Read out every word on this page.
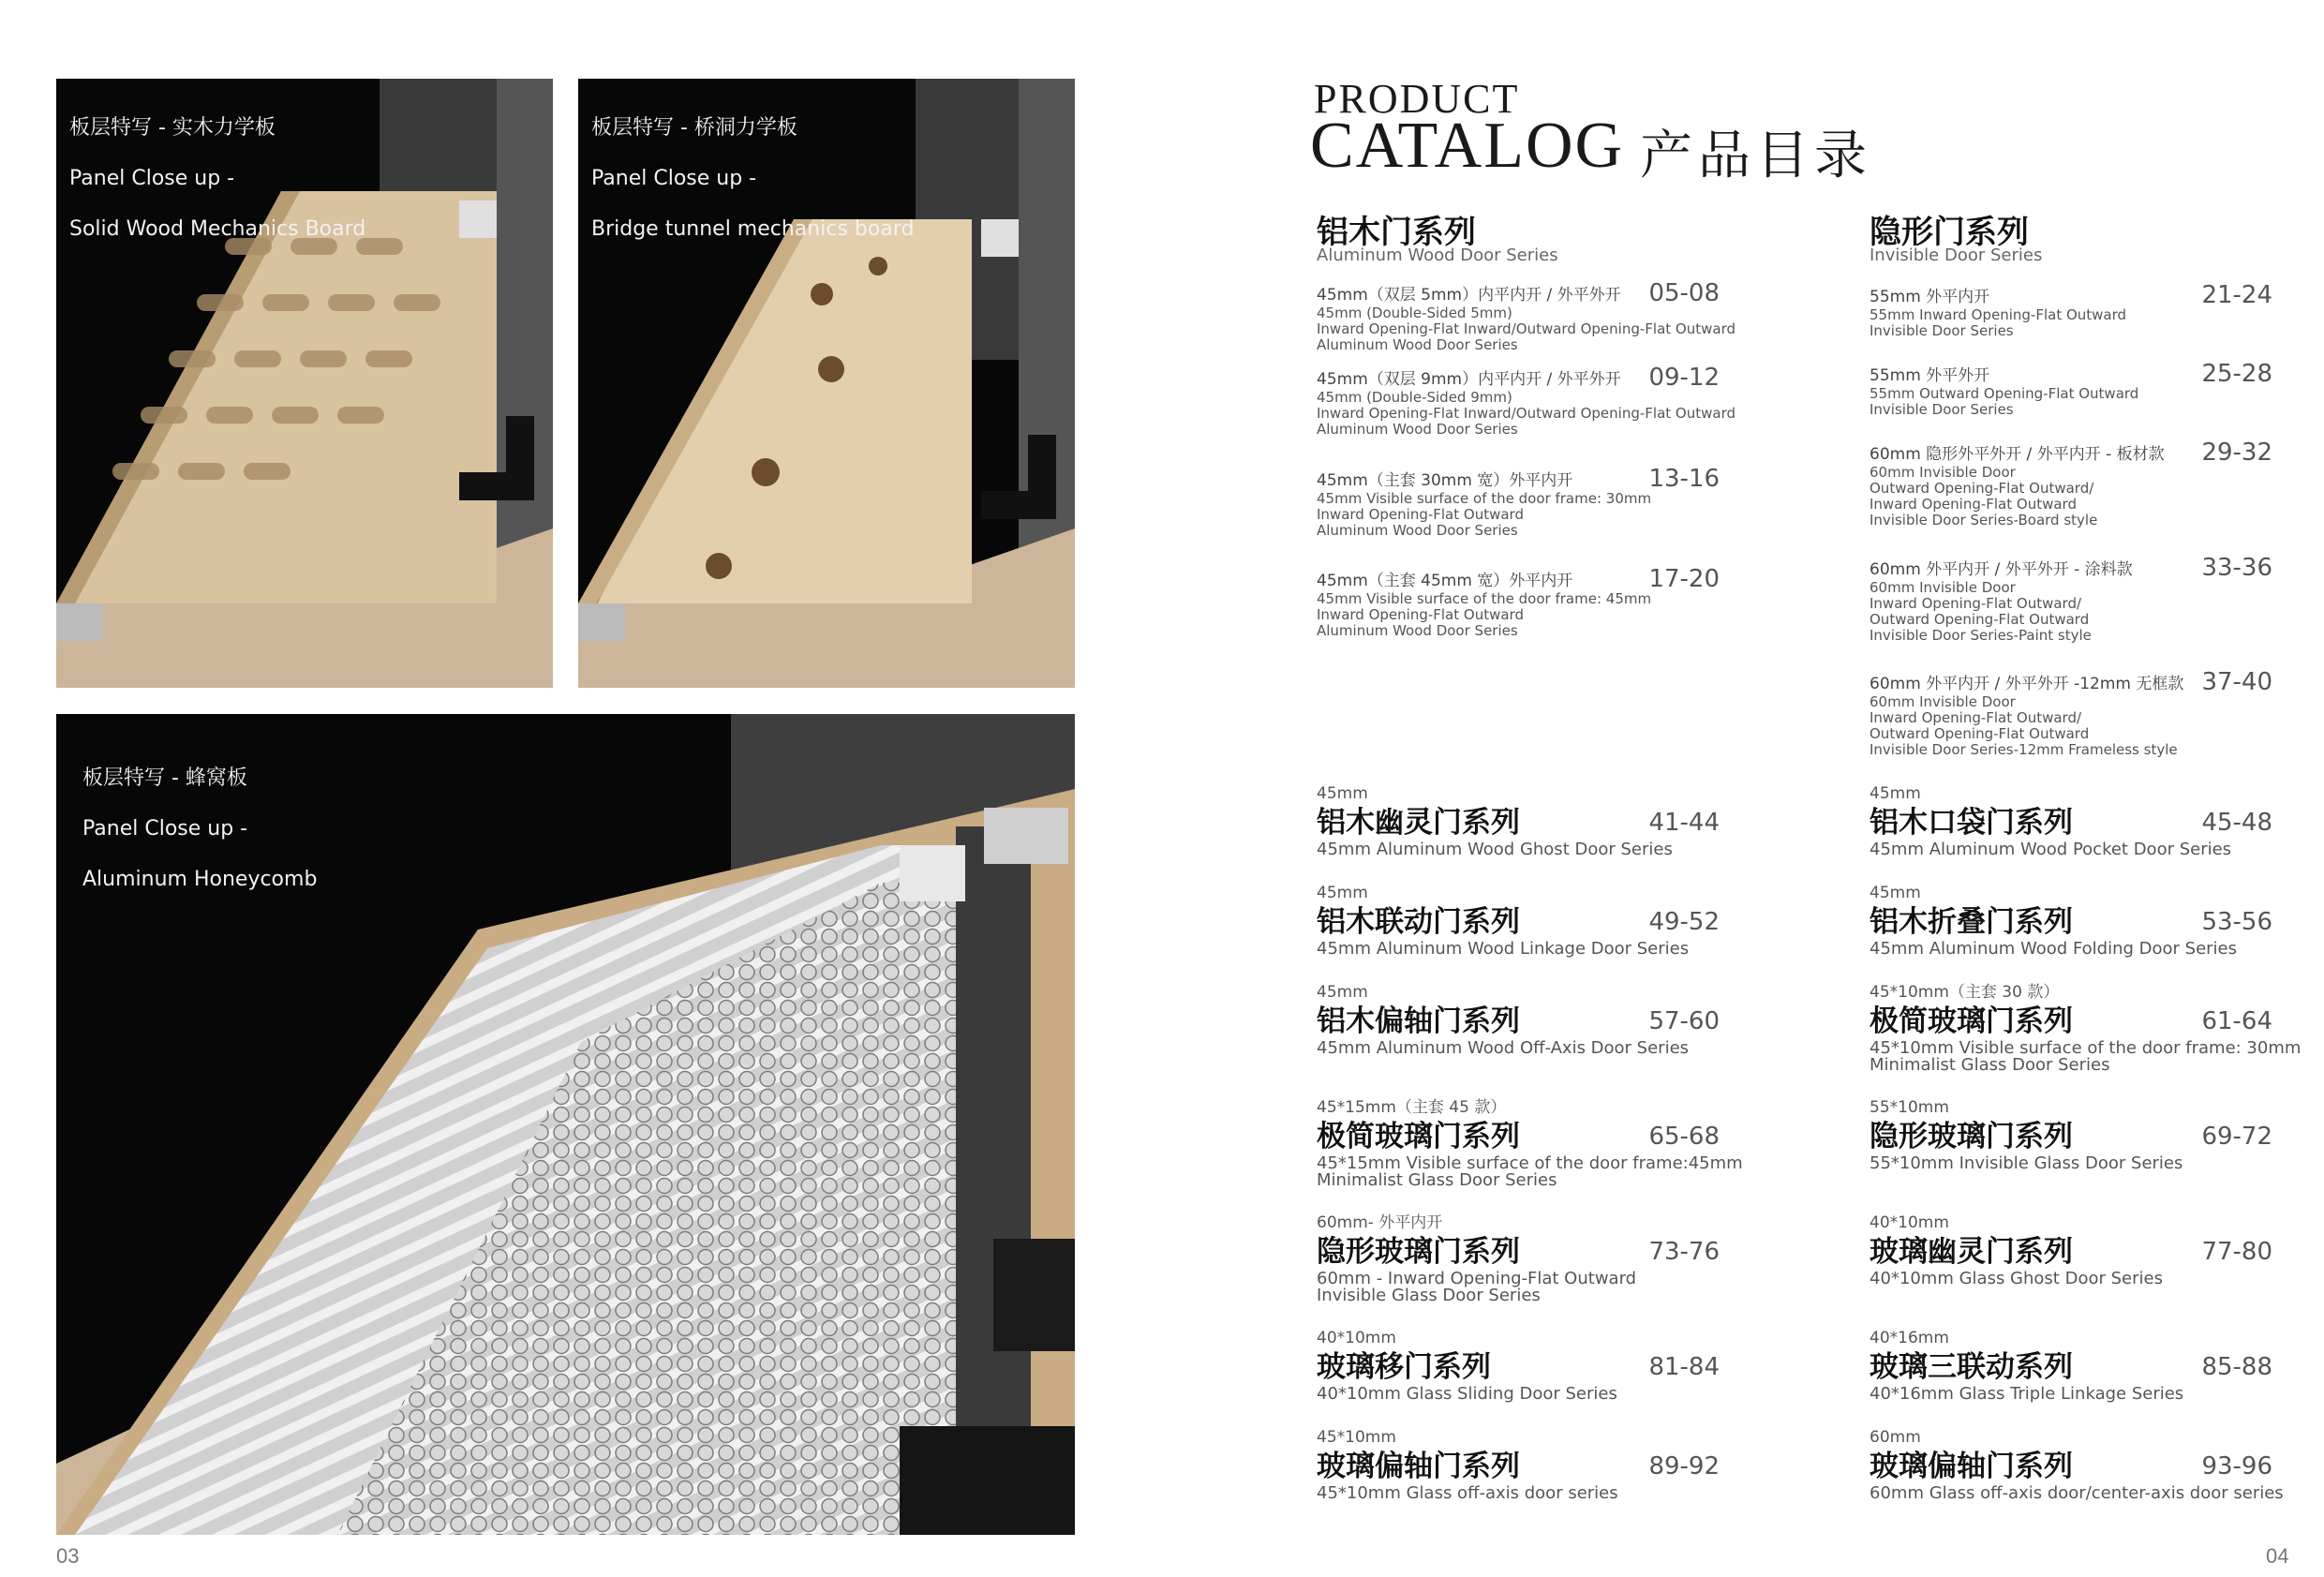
板层特写 - 实木力学板

Panel Close up -

Solid Wood Mechanics Board

板层特写 - 桥洞力学板

Panel Close up -

Bridge tunnel mechanics board

板层特写 - 蜂窝板

Panel Close up -

Aluminum Honeycomb

03
PRODUCT
CATALOG 产品目录
铝木门系列
Aluminum Wood Door Series
45mm（双层 5mm）内平内开 / 外平外开	05-08
45mm (Double-Sided 5mm)
Inward Opening-Flat Inward/Outward Opening-Flat Outward
Aluminum Wood Door Series
45mm（双层 9mm）内平内开 / 外平外开	09-12
45mm (Double-Sided 9mm)
Inward Opening-Flat Inward/Outward Opening-Flat Outward
Aluminum Wood Door Series
45mm（主套 30mm 宽）外平内开	13-16
45mm Visible surface of the door frame: 30mm
Inward Opening-Flat Outward
Aluminum Wood Door Series
45mm（主套 45mm 宽）外平内开	17-20
45mm Visible surface of the door frame: 45mm
Inward Opening-Flat Outward
Aluminum Wood Door Series
隐形门系列
Invisible Door Series
55mm 外平内开	21-24
55mm Inward Opening-Flat Outward
Invisible Door Series
55mm 外平外开	25-28
55mm Outward Opening-Flat Outward
Invisible Door Series
60mm 隐形外平外开 / 外平内开 - 板材款	29-32
60mm Invisible Door
Outward Opening-Flat Outward/
Inward Opening-Flat Outward
Invisible Door Series-Board style
60mm 外平内开 / 外平外开 - 涂料款	33-36
60mm Invisible Door
Inward Opening-Flat Outward/
Outward Opening-Flat Outward
Invisible Door Series-Paint style
60mm 外平内开 / 外平外开 -12mm 无框款 37-40
60mm Invisible Door
Inward Opening-Flat Outward/
Outward Opening-Flat Outward
Invisible Door Series-12mm Frameless style
45mm
铝木幽灵门系列	41-44
45mm Aluminum Wood Ghost Door Series
45mm
铝木联动门系列	49-52
45mm Aluminum Wood Linkage Door Series
45mm
铝木偏轴门系列	57-60
45mm Aluminum Wood Off-Axis Door Series
45*15mm（主套 45 款）
极简玻璃门系列	65-68
45*15mm Visible surface of the door frame:45mm
Minimalist Glass Door Series
60mm- 外平内开
隐形玻璃门系列	73-76
60mm - Inward Opening-Flat Outward
Invisible Glass Door Series
40*10mm
玻璃移门系列	81-84
40*10mm Glass Sliding Door Series
45*10mm
玻璃偏轴门系列	89-92
45*10mm Glass off-axis door series
45mm
铝木口袋门系列	45-48
45mm Aluminum Wood Pocket Door Series
45mm
铝木折叠门系列	53-56
45mm Aluminum Wood Folding Door Series
45*10mm（主套 30 款）
极简玻璃门系列	61-64
45*10mm Visible surface of the door frame: 30mm
Minimalist Glass Door Series
55*10mm
隐形玻璃门系列	69-72
55*10mm Invisible Glass Door Series
40*10mm
玻璃幽灵门系列	77-80
40*10mm Glass Ghost Door Series
40*16mm
玻璃三联动系列	85-88
40*16mm Glass Triple Linkage Series
60mm
玻璃偏轴门系列	93-96
60mm Glass off-axis door/center-axis door series
04
